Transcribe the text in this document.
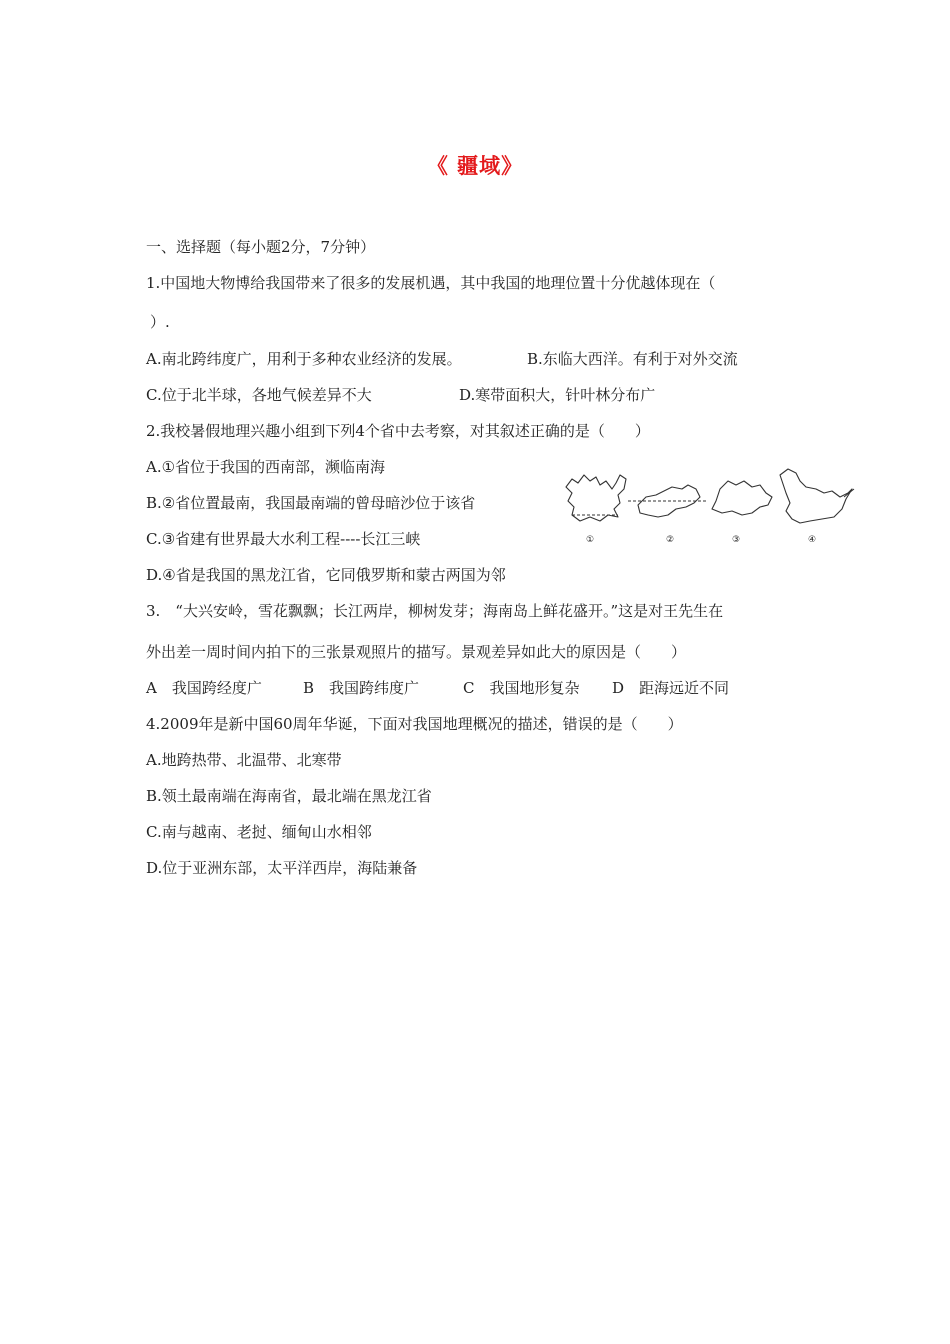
《 疆域》
一、选择题（每小题2分，7分钟）
1.中国地大物博给我国带来了很多的发展机遇，其中我国的地理位置十分优越体现在（
）.
A.南北跨纬度广，用利于多种农业经济的发展。	B.东临大西洋。有利于对外交流
C.位于北半球，各地气候差异不大	D.寒带面积大，针叶林分布广
2.我校暑假地理兴趣小组到下列4个省中去考察，对其叙述正确的是（　　）
A.①省位于我国的西南部，濒临南海
B.②省位置最南，我国最南端的曾母暗沙位于该省
C.③省建有世界最大水利工程----长江三峡
D.④省是我国的黑龙江省，它同俄罗斯和蒙古两国为邻
①	②	③	④
3.　“大兴安岭，雪花飘飘；长江两岸，柳树发芽；海南岛上鲜花盛开。”这是对王先生在
外出差一周时间内拍下的三张景观照片的描写。景观差异如此大的原因是（　　）
A　我国跨经度广	B　我国跨纬度广	C　我国地形复杂 D　距海远近不同
4.2009年是新中国60周年华诞，下面对我国地理概况的描述，错误的是（　　）
A.地跨热带、北温带、北寒带
B.领土最南端在海南省，最北端在黑龙江省
C.南与越南、老挝、缅甸山水相邻
D.位于亚洲东部，太平洋西岸，海陆兼备
